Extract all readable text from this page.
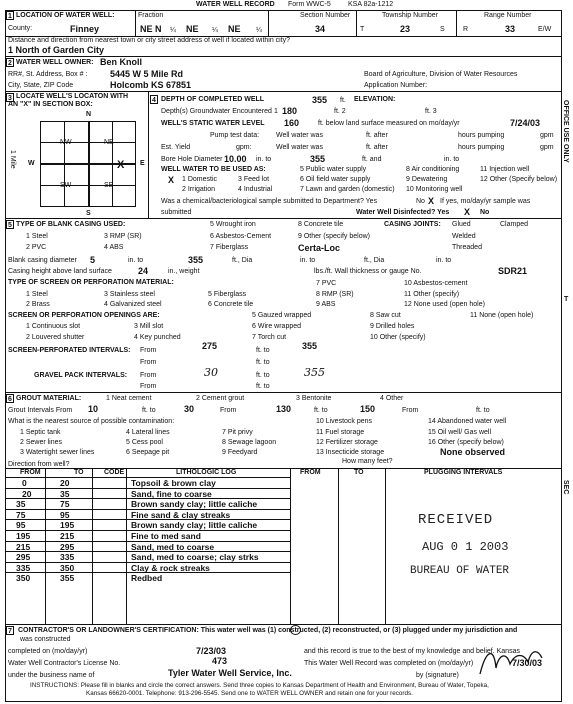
WATER WELL RECORD Form WWC-5 KSA 82a-1212
1 LOCATION OF WATER WELL:
County:	Finney
Fraction
NE N ¼ NE ¼ NE ¼
Section Number
34
Township Number
T	23	S
Range Number
R	33	E/W
Distance and direction from nearest town or city street address of well if located within city?
1 North of Garden City
2 WATER WELL OWNER: Ben Knoll
RR#, St. Address, Box # :	5445 W 5 Mile Rd
City, State, ZIP Code	Holcomb KS 67851
Board of Agriculture, Division of Water Resources
Application Number:
3 LOCATE WELL'S LOCATON WITH
AN "X" IN SECTION BOX:
N
S
W	E
1 Mile
NW	NE
SW	SE
X
4 DEPTH OF COMPLETED WELL	355 ft. ELEVATION:
Depth(s) Groundwater Encountered 1 180	ft. 2	ft. 3
WELL'S STATIC WATER LEVEL 160	ft. below land surface measured on mo/day/yr	7/24/03
Pump test data: Well water was	ft. after	hours pumping	gpm
Est. Yield	gpm:	Well water was	ft. after	hours pumping	gpm
Bore Hole Diameter 10.00 in. to	355	ft. and	in. to
WELL WATER TO BE USED AS:
1 Domestic
2 Irrigation
3 Feed lot
4 Industrial
5 Public water supply
6 Oil field water supply
7 Lawn and garden (domestic)
8 Air conditioning
9 Dewatering
10 Monitoring well
11 Injection well
12 Other (Specify below)
X
Was a chemical/bacteriological sample submitted to Department? Yes	No X If yes, mo/day/yr sample was
submitted	Water Well Disinfected? Yes X No
5 TYPE OF BLANK CASING USED:
1 Steel
2 PVC
3 RMP (SR)
4 ABS
5 Wrought iron
6 Asbestos-Cement
7 Fiberglass
8 Concrete tile
9 Other (specify below)
Certa-Loc
CASING JOINTS: Glued	Clamped
Welded
Threaded
Blank casing diameter 5	in. to	355	ft., Dia	in. to	ft., Dia	in. to
Casing height above land surface	24	in., weight	lbs./ft. Wall thickness or gauge No.	SDR21
TYPE OF SCREEN OR PERFORATION MATERIAL:
1 Steel
2 Brass
3 Stainless steel
4 Galvanized steel
5 Fiberglass
6 Concrete tile
7 PVC
8 RMP (SR)
9 ABS
10 Asbestos-cement
11 Other (specify)
12 None used (open hole)
SCREEN OR PERFORATION OPENINGS ARE:
1 Continuous slot
2 Louvered shutter
3 Mill slot
4 Key punched
5 Gauzed wrapped
6 Wire wrapped
7 Torch cut
8 Saw cut
9 Drilled holes
10 Other (specify)
11 None (open hole)
SCREEN-PERFORATED INTERVALS: From	275	ft. to	355
From	ft. to
GRAVEL PACK INTERVALS: From	30	ft. to	355
From	ft. to
6 GROUT MATERIAL:	1 Neat cement	2 Cement grout	3 Bentonite	4 Other
Grout Intervals From 10	ft. to	30	From	130	ft. to	150	From	ft. to
What is the nearest source of possible contamination:
1 Septic tank
2 Sewer lines
3 Watertight sewer lines
4 Lateral lines
5 Cess pool
6 Seepage pit
7 Pit privy
8 Sewage lagoon
9 Feedyard
10 Livestock pens
11 Fuel storage
12 Fertilizer storage
13 Insecticide storage
14 Abandoned water well
15 Oil well/ Gas well
16 Other (specify below)
None observed
Direction from well?	How many feet?
FROM	TO	CODE	LITHOLOGIC LOG	FROM	TO	PLUGGING INTERVALS
0	20	Topsoil & brown clay
20	35	Sand, fine to coarse
35	75	Brown sandy clay; little caliche
75	95	Fine sand & clay streaks
95	195	Brown sandy clay; little caliche
195	215	Fine to med sand
215	295	Sand, med to coarse
295	335	Sand, med to coarse; clay strks
335	350	Clay & rock streaks
350	355	Redbed
RECEIVED
AUG 0 1 2003
BUREAU OF WATER
7 CONTRACTOR'S OR LANDOWNER'S CERTIFICATION: This water well was (1) constructed, (2) reconstructed, or (3) plugged under my jurisdiction and
was constructed
completed on (mo/day/yr)	7/23/03	and this record is true to the best of my knowledge and belief. Kansas
Water Well Contractor's License No.	473	This Water Well Record was completed on (mo/day/yr)	7/30/03
under the business name of	Tyler Water Well Service, Inc.	by (signature)
INSTRUCTIONS: Please fill in blanks and circle the correct answers. Send three copies to Kansas Department of Health and Environment, Bureau of Water, Topeka,
Kansas 66620-0001. Telephone: 913-296-5545. Send one to WATER WELL OWNER and retain one for your records.
OFFICE USE ONLY
T
SEC
